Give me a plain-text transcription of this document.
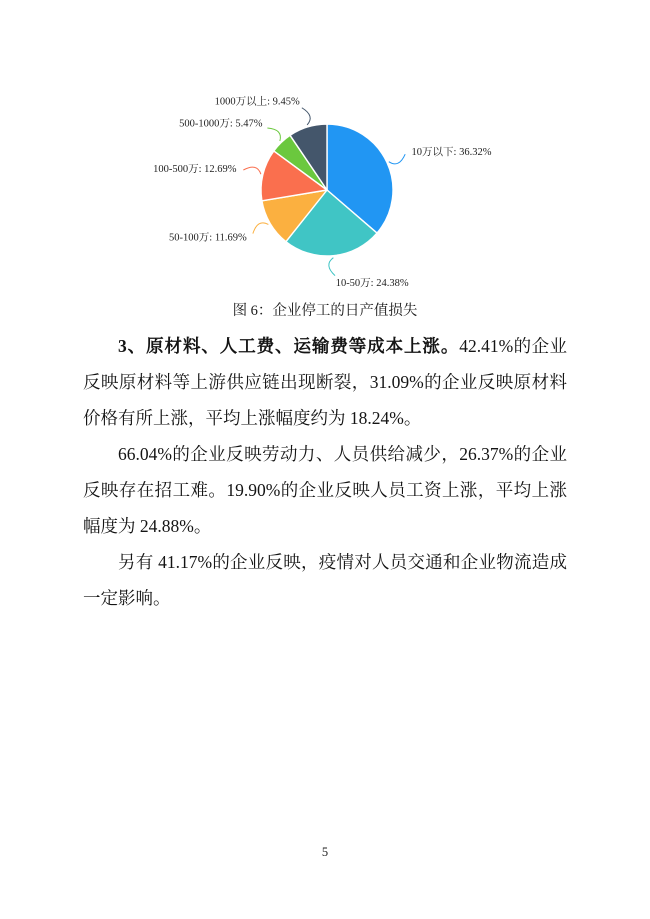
10万以下: 36.32%
10-50万: 24.38%
50-100万: 11.69%
100-500万: 12.69%
500-1000万: 5.47%
1000万以上: 9.45%
图 6：企业停工的日产值损失

3、原材料、人工费、运输费等成本上涨。42.41%的企业反映原材料等上游供应链出现断裂，31.09%的企业反映原材料价格有所上涨，平均上涨幅度约为 18.24%。

66.04%的企业反映劳动力、人员供给减少，26.37%的企业反映存在招工难。19.90%的企业反映人员工资上涨，平均上涨幅度为 24.88%。

另有 41.17%的企业反映，疫情对人员交通和企业物流造成一定影响。

5
